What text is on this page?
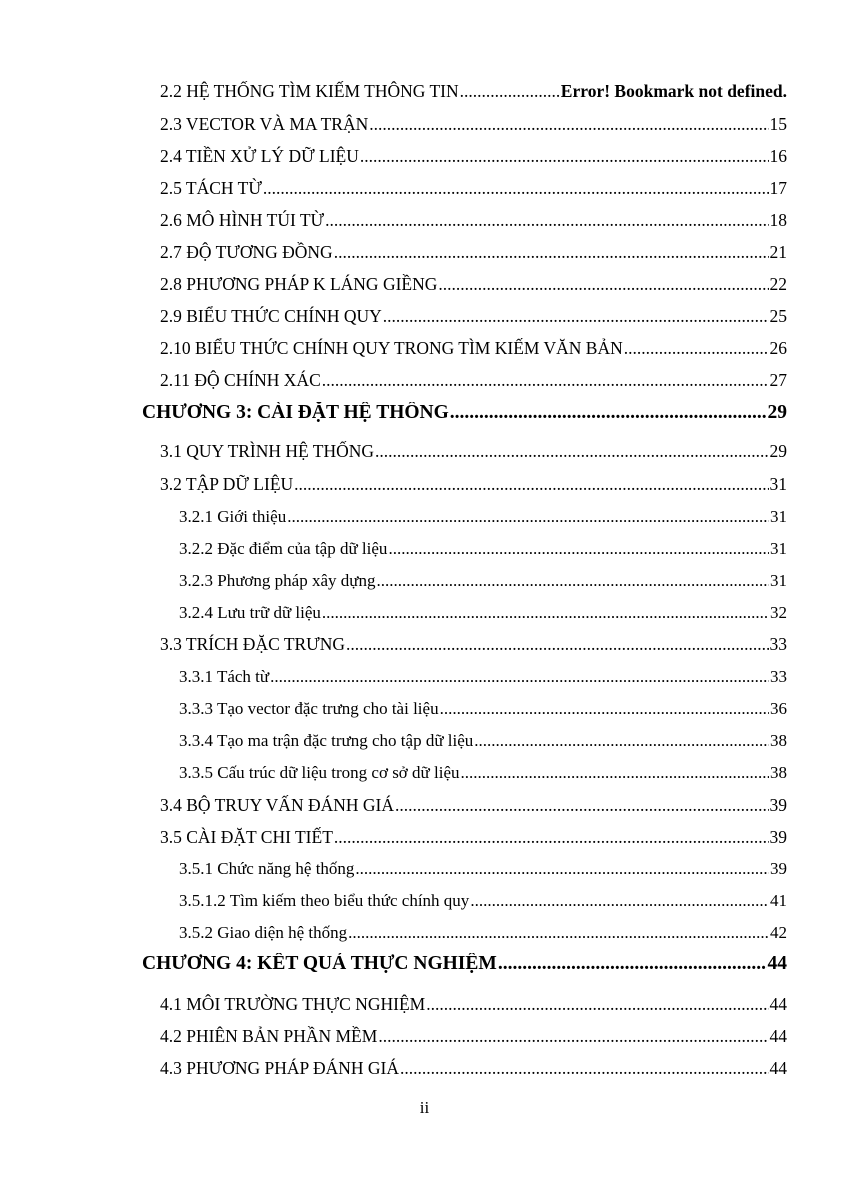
2.2 HỆ THỐNG TÌM KIẾM THÔNG TIN .....	Error! Bookmark not defined.
2.3 VECTOR VÀ MA TRẬN .....	15
2.4 TIỀN XỬ LÝ DỮ LIỆU .....	16
2.5 TÁCH TỪ .....	17
2.6 MÔ HÌNH TÚI TỪ .....	18
2.7 ĐỘ TƯƠNG ĐỒNG .....	21
2.8 PHƯƠNG PHÁP K LÁNG GIỀNG .....	22
2.9 BIỂU THỨC CHÍNH QUY .....	25
2.10 BIỂU THỨC CHÍNH QUY TRONG TÌM KIẾM VĂN BẢN .....	26
2.11 ĐỘ CHÍNH XÁC .....	27
CHƯƠNG 3: CÀI ĐẶT HỆ THỐNG .....	29
3.1 QUY TRÌNH HỆ THỐNG .....	29
3.2 TẬP DỮ LIỆU .....	31
3.2.1 Giới thiệu .....	31
3.2.2 Đặc điểm của tập dữ liệu .....	31
3.2.3 Phương pháp xây dựng .....	31
3.2.4 Lưu trữ dữ liệu .....	32
3.3 TRÍCH ĐẶC TRƯNG .....	33
3.3.1 Tách từ .....	33
3.3.3 Tạo vector đặc trưng cho tài liệu .....	36
3.3.4 Tạo ma trận đặc trưng cho tập dữ liệu .....	38
3.3.5 Cấu trúc dữ liệu trong cơ sở dữ liệu .....	38
3.4 BỘ TRUY VẤN ĐÁNH GIÁ .....	39
3.5 CÀI ĐẶT CHI TIẾT .....	39
3.5.1 Chức năng hệ thống .....	39
3.5.1.2 Tìm kiếm theo biểu thức chính quy .....	41
3.5.2 Giao diện hệ thống .....	42
CHƯƠNG 4: KẾT QUẢ THỰC NGHIỆM .....	44
4.1 MÔI TRƯỜNG THỰC NGHIỆM .....	44
4.2 PHIÊN BẢN PHẦN MỀM .....	44
4.3 PHƯƠNG PHÁP ĐÁNH GIÁ .....	44
ii
